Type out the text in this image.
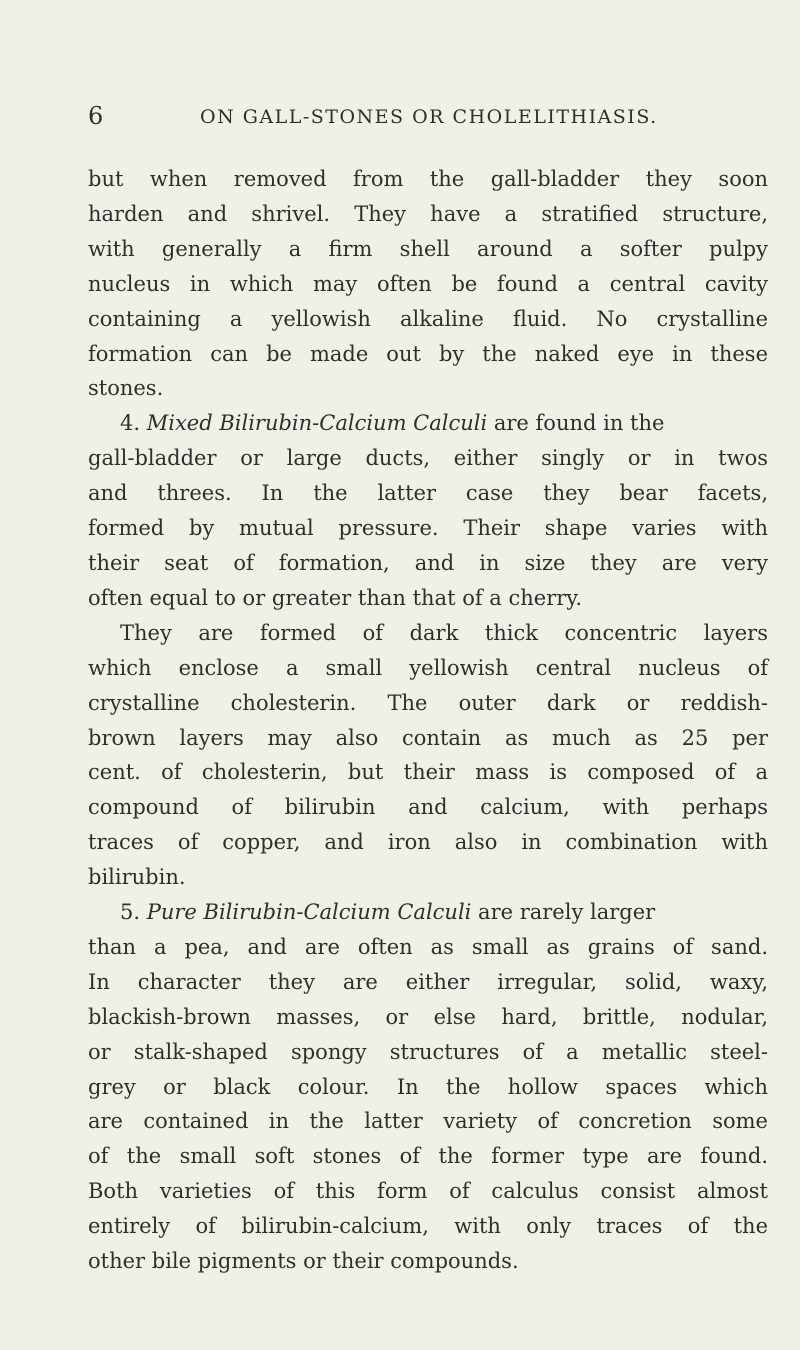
6	ON GALL-STONES OR CHOLELITHIASIS.
but when removed from the gall-bladder they soon
harden and shrivel. They have a stratified structure,
with generally a firm shell around a softer pulpy
nucleus in which may often be found a central cavity
containing a yellowish alkaline fluid. No crystalline
formation can be made out by the naked eye in these
stones.
4. Mixed Bilirubin-Calcium Calculi are found in the
gall-bladder or large ducts, either singly or in twos
and threes. In the latter case they bear facets,
formed by mutual pressure. Their shape varies with
their seat of formation, and in size they are very
often equal to or greater than that of a cherry.
They are formed of dark thick concentric layers
which enclose a small yellowish central nucleus of
crystalline cholesterin. The outer dark or reddish-
brown layers may also contain as much as 25 per
cent. of cholesterin, but their mass is composed of a
compound of bilirubin and calcium, with perhaps
traces of copper, and iron also in combination with
bilirubin.
5. Pure Bilirubin-Calcium Calculi are rarely larger
than a pea, and are often as small as grains of sand.
In character they are either irregular, solid, waxy,
blackish-brown masses, or else hard, brittle, nodular,
or stalk-shaped spongy structures of a metallic steel-
grey or black colour. In the hollow spaces which
are contained in the latter variety of concretion some
of the small soft stones of the former type are found.
Both varieties of this form of calculus consist almost
entirely of bilirubin-calcium, with only traces of the
other bile pigments or their compounds.
